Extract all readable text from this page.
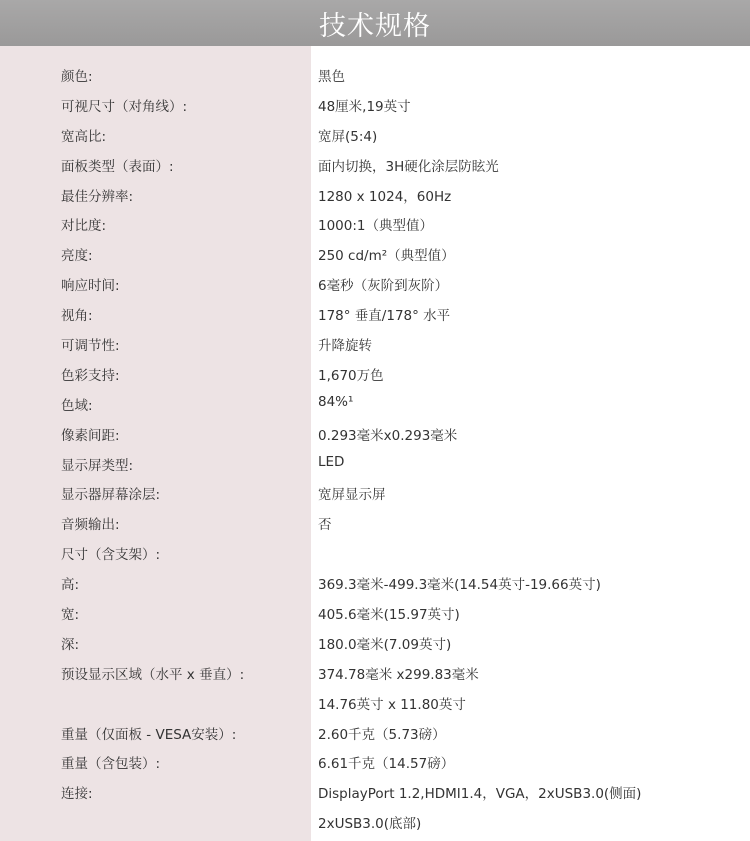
技术规格
颜色:	黑色
可视尺寸（对角线）:	48厘米,19英寸
宽高比:	宽屏(5:4)
面板类型（表面）:	面内切换，3H硬化涂层防眩光
最佳分辨率:	1280 x 1024，60Hz
对比度:	1000:1（典型值）
亮度:	250 cd/m²（典型值）
响应时间:	6毫秒（灰阶到灰阶）
视角:	178° 垂直/178° 水平
可调节性:	升降旋转
色彩支持:	1,670万色
色域:	84%¹
像素间距:	0.293毫米x0.293毫米
显示屏类型:	LED
显示器屏幕涂层:	宽屏显示屏
音频输出:	否
尺寸（含支架）:
高:	369.3毫米-499.3毫米(14.54英寸-19.66英寸)
宽:	405.6毫米(15.97英寸)
深:	180.0毫米(7.09英寸)
预设显示区域（水平 x 垂直）:	374.78毫米 x299.83毫米
14.76英寸 x 11.80英寸
重量（仅面板 - VESA安装）:	2.60千克（5.73磅）
重量（含包装）:	6.61千克（14.57磅）
连接:	DisplayPort 1.2,HDMI1.4，VGA，2xUSB3.0(侧面)
2xUSB3.0(底部)
